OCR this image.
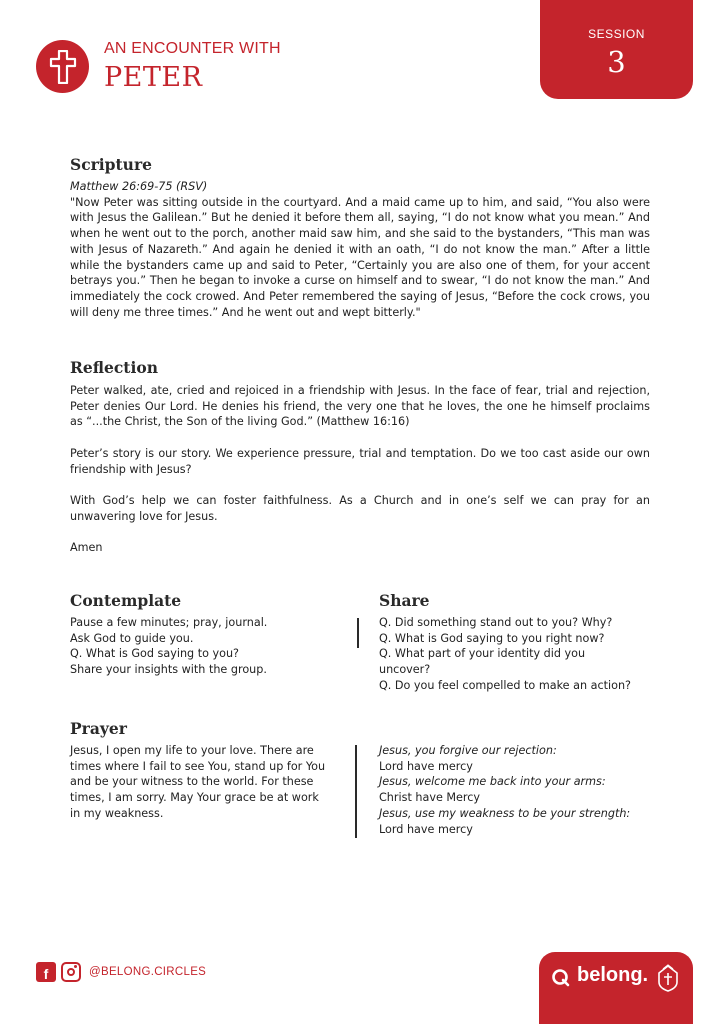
AN ENCOUNTER WITH
PETER
SESSION
3
Scripture
Matthew 26:69-75 (RSV)
"Now Peter was sitting outside in the courtyard. And a maid came up to him, and said, “You also were with Jesus the Galilean.” But he denied it before them all, saying, “I do not know what you mean.” And when he went out to the porch, another maid saw him, and she said to the bystanders, “This man was with Jesus of Nazareth.” And again he denied it with an oath, “I do not know the man.” After a little while the bystanders came up and said to Peter, “Certainly you are also one of them, for your accent betrays you.” Then he began to invoke a curse on himself and to swear, “I do not know the man.” And immediately the cock crowed. And Peter remembered the saying of Jesus, “Before the cock crows, you will deny me three times.” And he went out and wept bitterly."
Reflection

Peter walked, ate, cried and rejoiced in a friendship with Jesus. In the face of fear, trial and rejection, Peter denies Our Lord. He denies his friend, the very one that he loves, the one he himself proclaims as “...the Christ, the Son of the living God.” (Matthew 16:16)

Peter’s story is our story. We experience pressure, trial and temptation. Do we too cast aside our own friendship with Jesus?

With God’s help we can foster faithfulness. As a Church and in one’s self we can pray for an unwavering love for Jesus.

Amen

Contemplate
Pause a few minutes; pray, journal.
Ask God to guide you.
Q. What is God saying to you?
Share your insights with the group.
Share
Q. Did something stand out to you? Why?
Q. What is God saying to you right now?
Q. What part of your identity did you uncover?
Q. Do you feel compelled to make an action?
Prayer
Jesus, I open my life to your love. There are times where I fail to see You, stand up for You and be your witness to the world. For these times, I am sorry. May Your grace be at work in my weakness.
Jesus, you forgive our rejection:
Lord have mercy
Jesus, welcome me back into your arms:
Christ have Mercy
Jesus, use my weakness to be your strength:
Lord have mercy
f	@BELONG.CIRCLES	belong.
